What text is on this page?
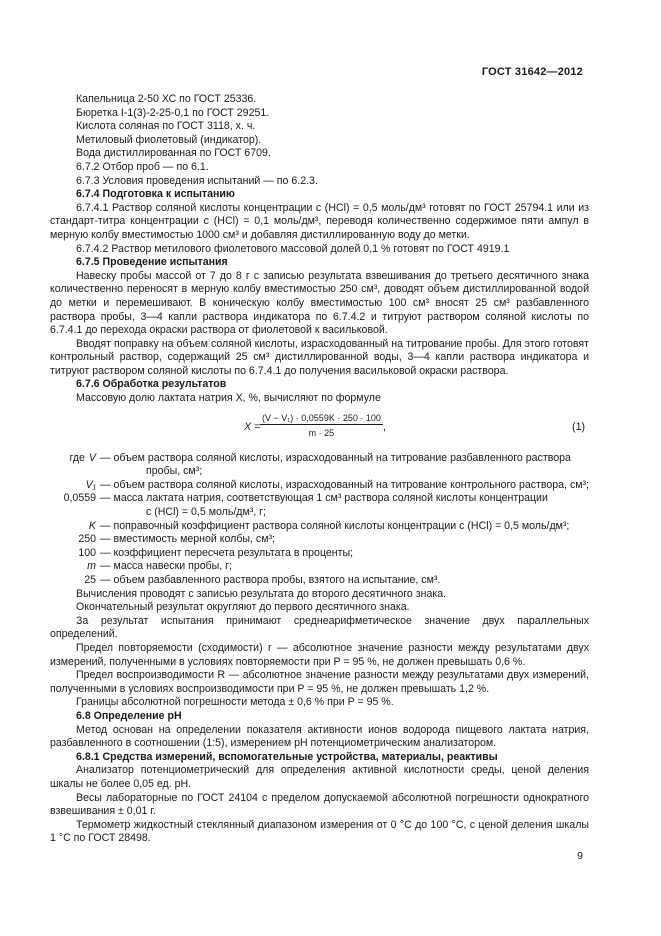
ГОСТ 31642—2012

Капельница 2-50 ХС по ГОСТ 25336.

Бюретка I-1(3)-2-25-0,1 по ГОСТ 29251.

Кислота соляная по ГОСТ 3118, х. ч.

Метиловый фиолетовый (индикатор).

Вода дистиллированная по ГОСТ 6709.

6.7.2 Отбор проб — по 6.1.

6.7.3 Условия проведения испытаний — по 6.2.3.

6.7.4 Подготовка к испытанию

6.7.4.1 Раствор соляной кислоты концентрации c (HCl) = 0,5 моль/дм³ готовят по ГОСТ 25794.1 или из стандарт-титра концентрации c (HCl) = 0,1 моль/дм³, переводя количественно содержимое пяти ампул в мерную колбу вместимостью 1000 см³ и добавляя дистиллированную воду до метки.

6.7.4.2 Раствор метилового фиолетового массовой долей 0,1 % готовят по ГОСТ 4919.1

6.7.5 Проведение испытания

Навеску пробы массой от 7 до 8 г с записью результата взвешивания до третьего десятичного знака количественно переносят в мерную колбу вместимостью 250 см³, доводят объем дистиллированной водой до метки и перемешивают. В коническую колбу вместимостью 100 см³ вносят 25 см³ разбавленного раствора пробы, 3—4 капли раствора индикатора по 6.7.4.2 и титруют раствором соляной кислоты по 6.7.4.1 до перехода окраски раствора от фиолетовой к васильковой.

Вводят поправку на объем соляной кислоты, израсходованный на титрование пробы. Для этого готовят контрольный раствор, содержащий 25 см³ дистиллированной воды, 3—4 капли раствора индикатора и титруют раствором соляной кислоты по 6.7.4.1 до получения васильковой окраски раствора.

6.7.6 Обработка результатов

Массовую долю лактата натрия X, %, вычисляют по формуле

$X = \frac{\text{(V − V₁) · 0,0559K · 250 · 100}}{m \cdot 25}$ ,	(1)
где V — объем раствора соляной кислоты, израсходованный на титрование разбавленного раствора
пробы, см³;
V₁ — объем раствора соляной кислоты, израсходованный на титрование контрольного раствора, см³;
0,0559 — масса лактата натрия, соответствующая 1 см³ раствора соляной кислоты концентрации
c (HCl) = 0,5 моль/дм³, г;
K — поправочный коэффициент раствора соляной кислоты концентрации c (HCl) = 0,5 моль/дм³;
250 — вместимость мерной колбы, см³;
100 — коэффициент пересчета результата в проценты;
m — масса навески пробы, г;
25 — объем разбавленного раствора пробы, взятого на испытание, см³.

Вычисления проводят с записью результата до второго десятичного знака.

Окончательный результат округляют до первого десятичного знака.

За результат испытания принимают среднеарифметическое значение двух параллельных определений.

Предел повторяемости (сходимости) r — абсолютное значение разности между результатами двух измерений, полученными в условиях повторяемости при P = 95 %, не должен превышать 0,6 %.

Предел воспроизводимости R — абсолютное значение разности между результатами двух измерений, полученными в условиях воспроизводимости при P = 95 %, не должен превышать 1,2 %.

Границы абсолютной погрешности метода ± 0,6 % при P = 95 %.

6.8 Определение рН

Метод основан на определении показателя активности ионов водорода пищевого лактата натрия, разбавленного в соотношении (1:5), измерением рН потенциометрическим анализатором.

6.8.1 Средства измерений, вспомогательные устройства, материалы, реактивы

Анализатор потенциометрический для определения активной кислотности среды, ценой деления шкалы не более 0,05 ед. рН.

Весы лабораторные по ГОСТ 24104 с пределом допускаемой абсолютной погрешности однократного взвешивания ± 0,01 г.

Термометр жидкостный стеклянный диапазоном измерения от 0 °С до 100 °С, с ценой деления шкалы 1 °С по ГОСТ 28498.

9
